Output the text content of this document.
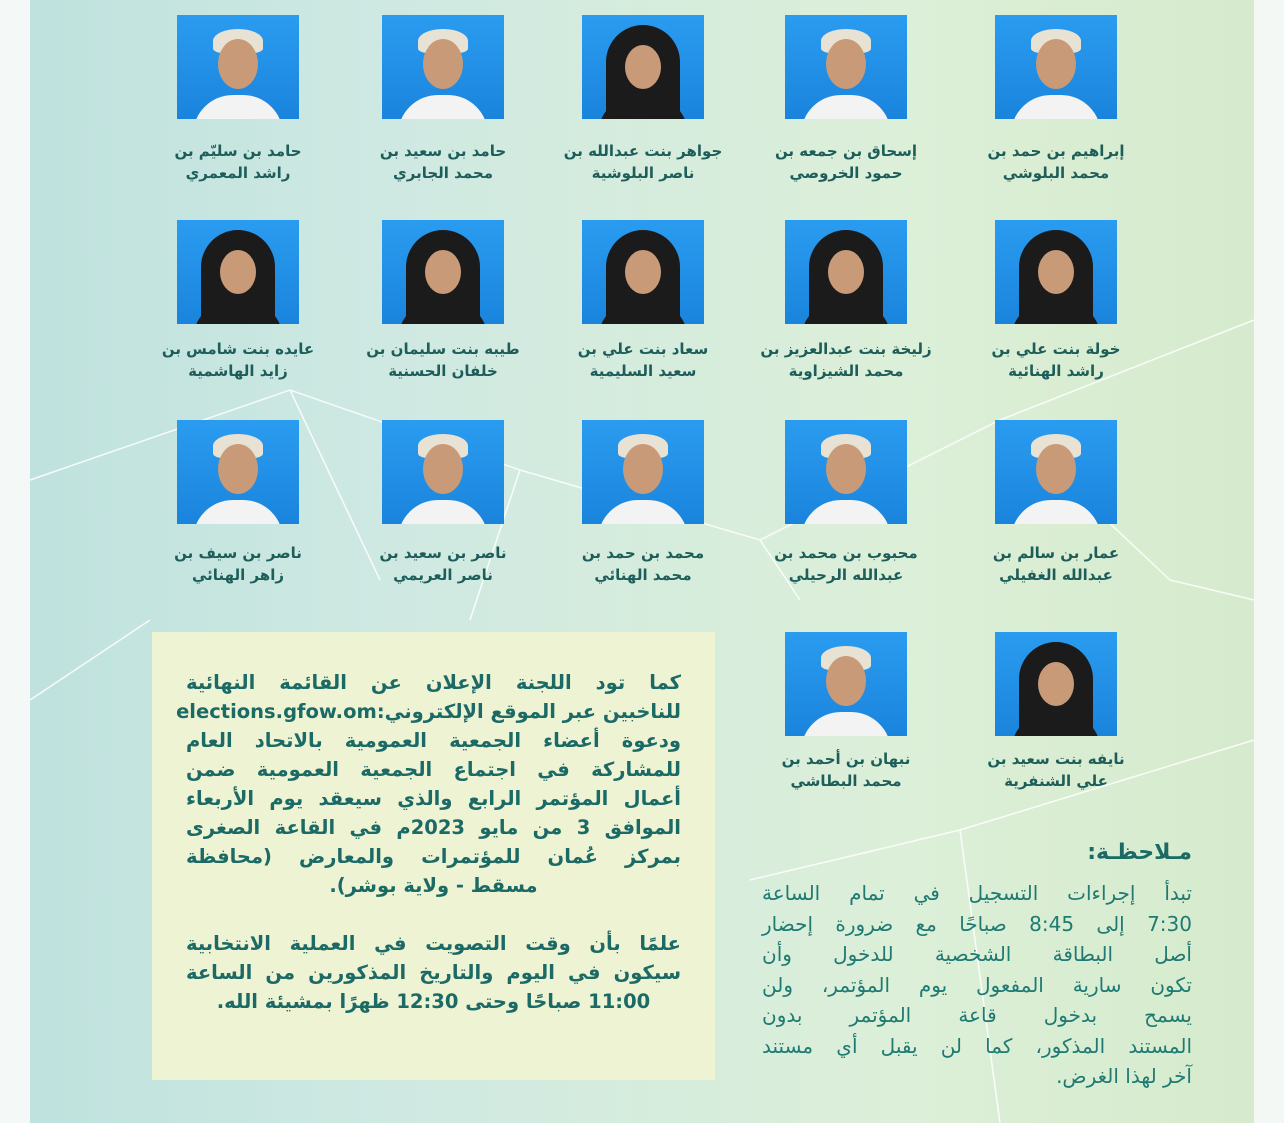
إبراهيم بن حمد بن
محمد البلوشي
إسحاق بن جمعه بن
حمود الخروصي
جواهر بنت عبدالله بن
ناصر البلوشية
حامد بن سعيد بن
محمد الجابري
حامد بن سليّم بن
راشد المعمري
خولة بنت علي بن
راشد الهنائية
زليخة بنت عبدالعزيز بن
محمد الشيزاوية
سعاد بنت علي بن
سعيد السليمية
طيبه بنت سليمان بن
خلفان الحسنية
عايده بنت شامس بن
زايد الهاشمية
عمار بن سالم بن
عبدالله الغفيلي
محبوب بن محمد بن
عبدالله الرحيلي
محمد بن حمد بن
محمد الهنائي
ناصر بن سعيد بن
ناصر العريمي
ناصر بن سيف بن
زاهر الهنائي
نايفه بنت سعيد بن
علي الشنفرية
نبهان بن أحمد بن
محمد البطاشي
كما تود اللجنة الإعلان عن القائمة النهائية
للناخبين عبر الموقع الإلكتروني:elections.gfow.om
ودعوة أعضاء الجمعية العمومية بالاتحاد العام
للمشاركة في اجتماع الجمعية العمومية ضمن
أعمال المؤتمر الرابع والذي سيعقد يوم الأربعاء
الموافق 3 من مايو 2023م في القاعة الصغرى
بمركز عُمان للمؤتمرات والمعارض (محافظة
مسقط - ولاية بوشر).
علمًا بأن وقت التصويت في العملية الانتخابية
سيكون في اليوم والتاريخ المذكورين من الساعة
11:00 صباحًا وحتى 12:30 ظهرًا بمشيئة الله.
مـلاحظـة:
تبدأ إجراءات التسجيل في تمام الساعة
7:30 إلى 8:45 صباحًا مع ضرورة إحضار
أصل البطاقة الشخصية للدخول وأن
تكون سارية المفعول يوم المؤتمر، ولن
يسمح بدخول قاعة المؤتمر بدون
المستند المذكور، كما لن يقبل أي مستند
آخر لهذا الغرض.
